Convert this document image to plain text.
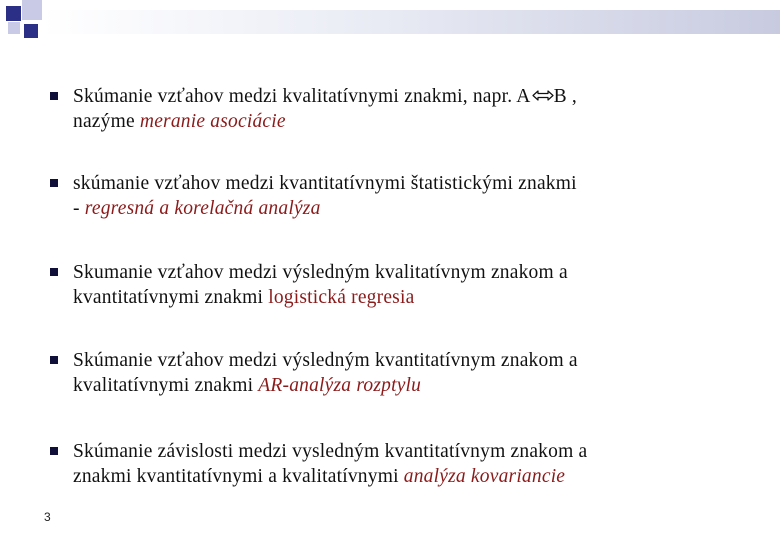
Skúmanie vzťahov medzi kvalitatívnymi znakmi, napr. A B ,
nazýme meranie asociácie
skúmanie vzťahov medzi kvantitatívnymi štatistickými znakmi
- regresná a korelačná analýza
Skumanie vzťahov medzi výsledným kvalitatívnym znakom a
kvantitatívnymi znakmi logistická regresia
Skúmanie vzťahov medzi výsledným kvantitatívnym znakom a
kvalitatívnymi znakmi AR-analýza rozptylu
Skúmanie závislosti medzi vysledným kvantitatívnym znakom a
znakmi kvantitatívnymi a kvalitatívnymi analýza kovariancie
3
